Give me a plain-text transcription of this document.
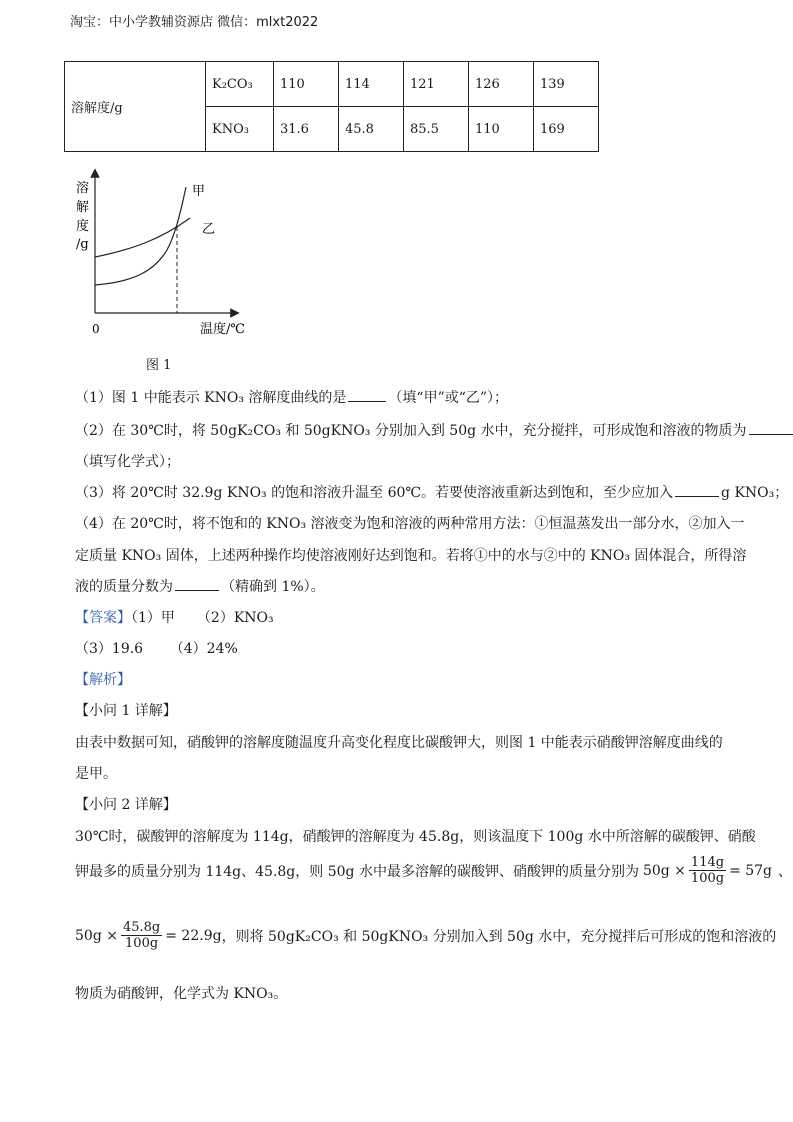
淘宝：中小学教辅资源店 微信：mlxt2022
溶解度/g	K₂CO₃	110	114	121	126	139
	KNO₃	31.6	45.8	85.5	110	169
溶
解
度
/g
0	温度/℃
甲
乙
图 1
（1）图 1 中能表示 KNO₃ 溶解度曲线的是	（填“甲”或“乙”）；
（2）在 30℃时，将 50gK₂CO₃ 和 50gKNO₃ 分别加入到 50g 水中，充分搅拌，可形成饱和溶液的物质为
（填写化学式）；
（3）将 20℃时 32.9g KNO₃ 的饱和溶液升温至 60℃。若要使溶液重新达到饱和，至少应加入	g KNO₃；
（4）在 20℃时，将不饱和的 KNO₃ 溶液变为饱和溶液的两种常用方法：①恒温蒸发出一部分水，②加入一
定质量 KNO₃ 固体，上述两种操作均使溶液刚好达到饱和。若将①中的水与②中的 KNO₃ 固体混合，所得溶
液的质量分数为	（精确到 1%）。
【答案】（1）甲 （2）KNO₃
（3）19.6      （4）24%
【解析】
【小问 1 详解】
由表中数据可知，硝酸钾的溶解度随温度升高变化程度比碳酸钾大，则图 1 中能表示硝酸钾溶解度曲线的
是甲。
【小问 2 详解】
30℃时，碳酸钾的溶解度为 114g，硝酸钾的溶解度为 45.8g，则该温度下 100g 水中所溶解的碳酸钾、硝酸
钾最多的质量分别为 114g、45.8g，则 50g 水中最多溶解的碳酸钾、硝酸钾的质量分别为 $50g \times \frac{114g}{100g} = 57g$ 、
$50g \times \frac{45.8g}{100g} = 22.9g$ ，则将 50gK₂CO₃ 和 50gKNO₃ 分别加入到 50g 水中，充分搅拌后可形成的饱和溶液的
物质为硝酸钾，化学式为 KNO₃。
